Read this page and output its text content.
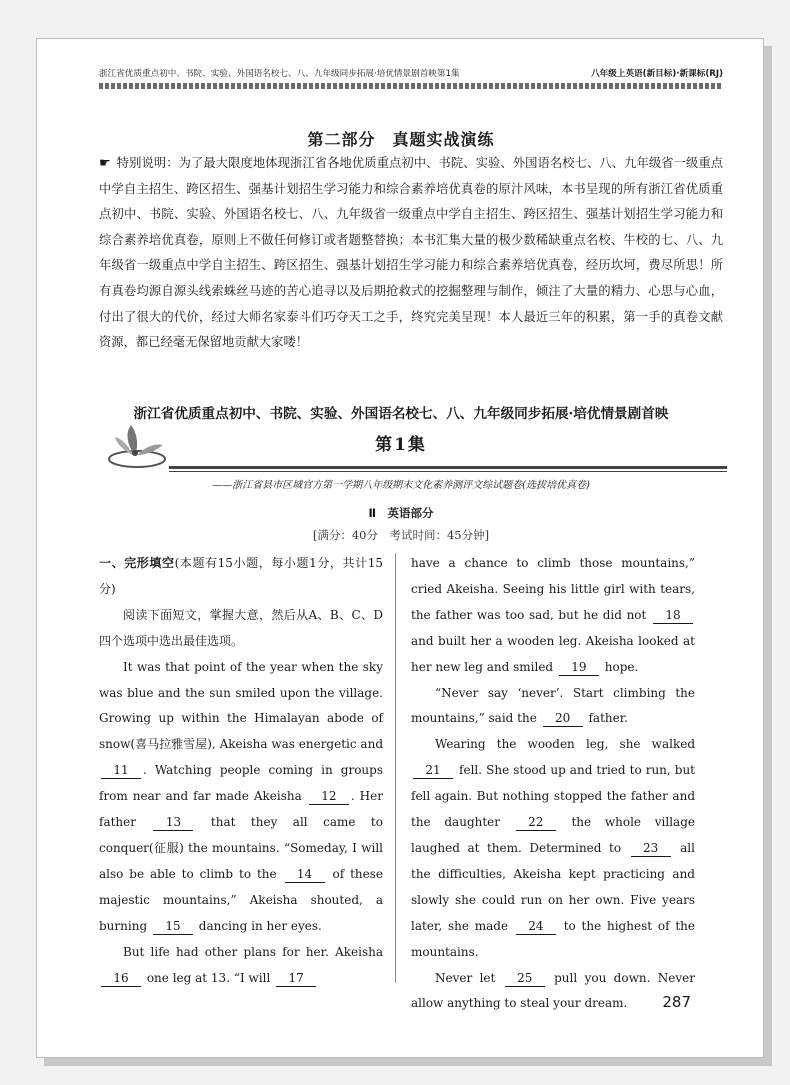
浙江省优质重点初中、书院、实验、外国语名校七、八、九年级同步拓展·培优情景剧首映第1集	八年级上英语(新目标)·新课标(RJ)
第二部分　真题实战演练
☛ 特别说明：为了最大限度地体现浙江省各地优质重点初中、书院、实验、外国语名校七、八、九年级省一级重点中学自主招生、跨区招生、强基计划招生学习能力和综合素养培优真卷的原汁风味，本书呈现的所有浙江省优质重点初中、书院、实验、外国语名校七、八、九年级省一级重点中学自主招生、跨区招生、强基计划招生学习能力和综合素养培优真卷，原则上不做任何修订或者题整替换；本书汇集大量的极少数稀缺重点名校、牛校的七、八、九年级省一级重点中学自主招生、跨区招生、强基计划招生学习能力和综合素养培优真卷，经历坎坷，费尽所思！所有真卷均源自源头线索蛛丝马迹的苦心追寻以及后期抢救式的挖掘整理与制作，倾注了大量的精力、心思与心血，付出了很大的代价，经过大师名家泰斗们巧夺天工之手，终究完美呈现！本人最近三年的积累，第一手的真卷文献资源，都已经毫无保留地贡献大家喽！
浙江省优质重点初中、书院、实验、外国语名校七、八、九年级同步拓展·培优情景剧首映
第1集
——浙江省县市区域官方第一学期八年级期末文化素养测评文综试题卷(选拔培优真卷)
Ⅱ　英语部分
[满分：40分　考试时间：45分钟]

一、完形填空(本题有15小题，每小题1分，共计15分)

阅读下面短文，掌握大意，然后从A、B、C、D四个选项中选出最佳选项。

It was that point of the year when the sky was blue and the sun smiled upon the village. Growing up within the Himalayan abode of snow(喜马拉雅雪屋), Akeisha was energetic and 11 . Watching people coming in groups from near and far made Akeisha 12 . Her father 13 that they all came to conquer(征服) the mountains. “Someday, I will also be able to climb to the 14 of these majestic mountains,” Akeisha shouted, a burning 15 dancing in her eyes.

But life had other plans for her. Akeisha 16 one leg at 13. “I will 17

have a chance to climb those mountains,” cried Akeisha. Seeing his little girl with tears, the father was too sad, but he did not 18 and built her a wooden leg. Akeisha looked at her new leg and smiled 19 hope.

“Never say ‘never’. Start climbing the mountains,” said the 20 father.

Wearing the wooden leg, she walked 21 fell. She stood up and tried to run, but fell again. But nothing stopped the father and the daughter 22 the whole village laughed at them. Determined to 23 all the difficulties, Akeisha kept practicing and slowly she could run on her own. Five years later, she made 24 to the highest of the mountains.

Never let 25 pull you down. Never allow anything to steal your dream.	287
